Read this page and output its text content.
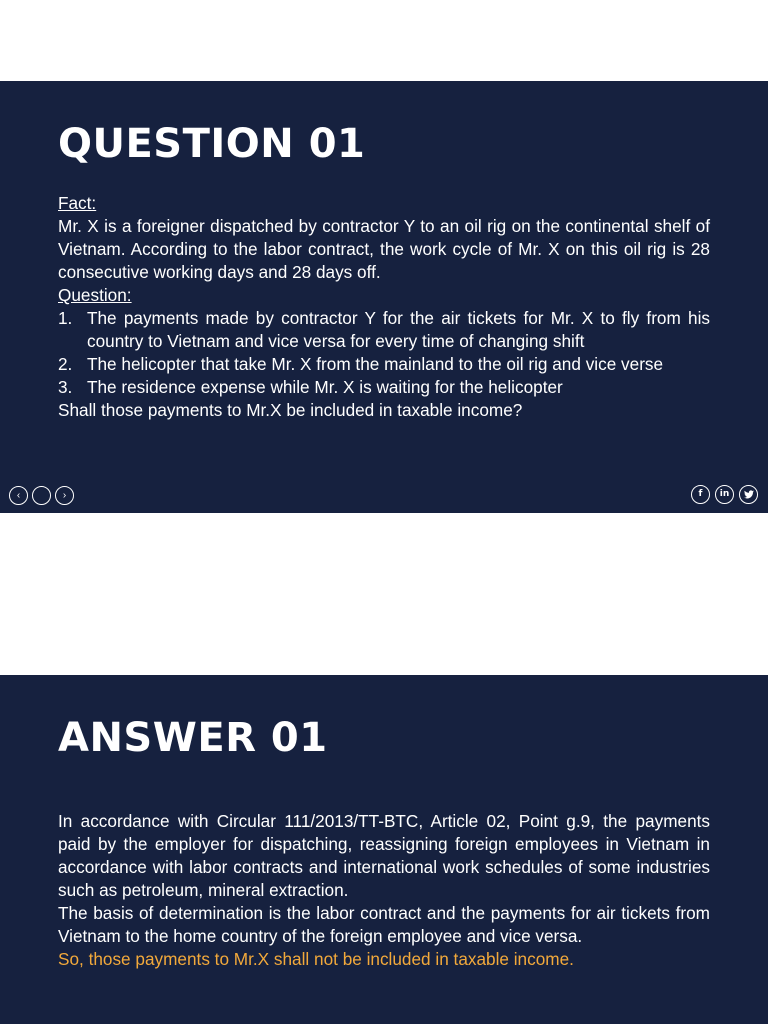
QUESTION 01
Fact:

Mr. X is a foreigner dispatched by contractor Y to an oil rig on the continental shelf of Vietnam. According to the labor contract, the work cycle of Mr. X on this oil rig is 28 consecutive working days and 28 days off.

Question:
1. The payments made by contractor Y for the air tickets for Mr. X to fly from his country to Vietnam and vice versa for every time of changing shift
2. The helicopter that take Mr. X from the mainland to the oil rig and vice verse
3. The residence expense while Mr. X is waiting for the helicopter

Shall those payments to Mr.X be included in taxable income?

‹	›	f in
ANSWER 01

In accordance with Circular 111/2013/TT-BTC, Article 02, Point g.9, the payments paid by the employer for dispatching, reassigning foreign employees in Vietnam in accordance with labor contracts and international work schedules of some industries such as petroleum, mineral extraction.

The basis of determination is the labor contract and the payments for air tickets from Vietnam to the home country of the foreign employee and vice versa.

So, those payments to Mr.X shall not be included in taxable income.
